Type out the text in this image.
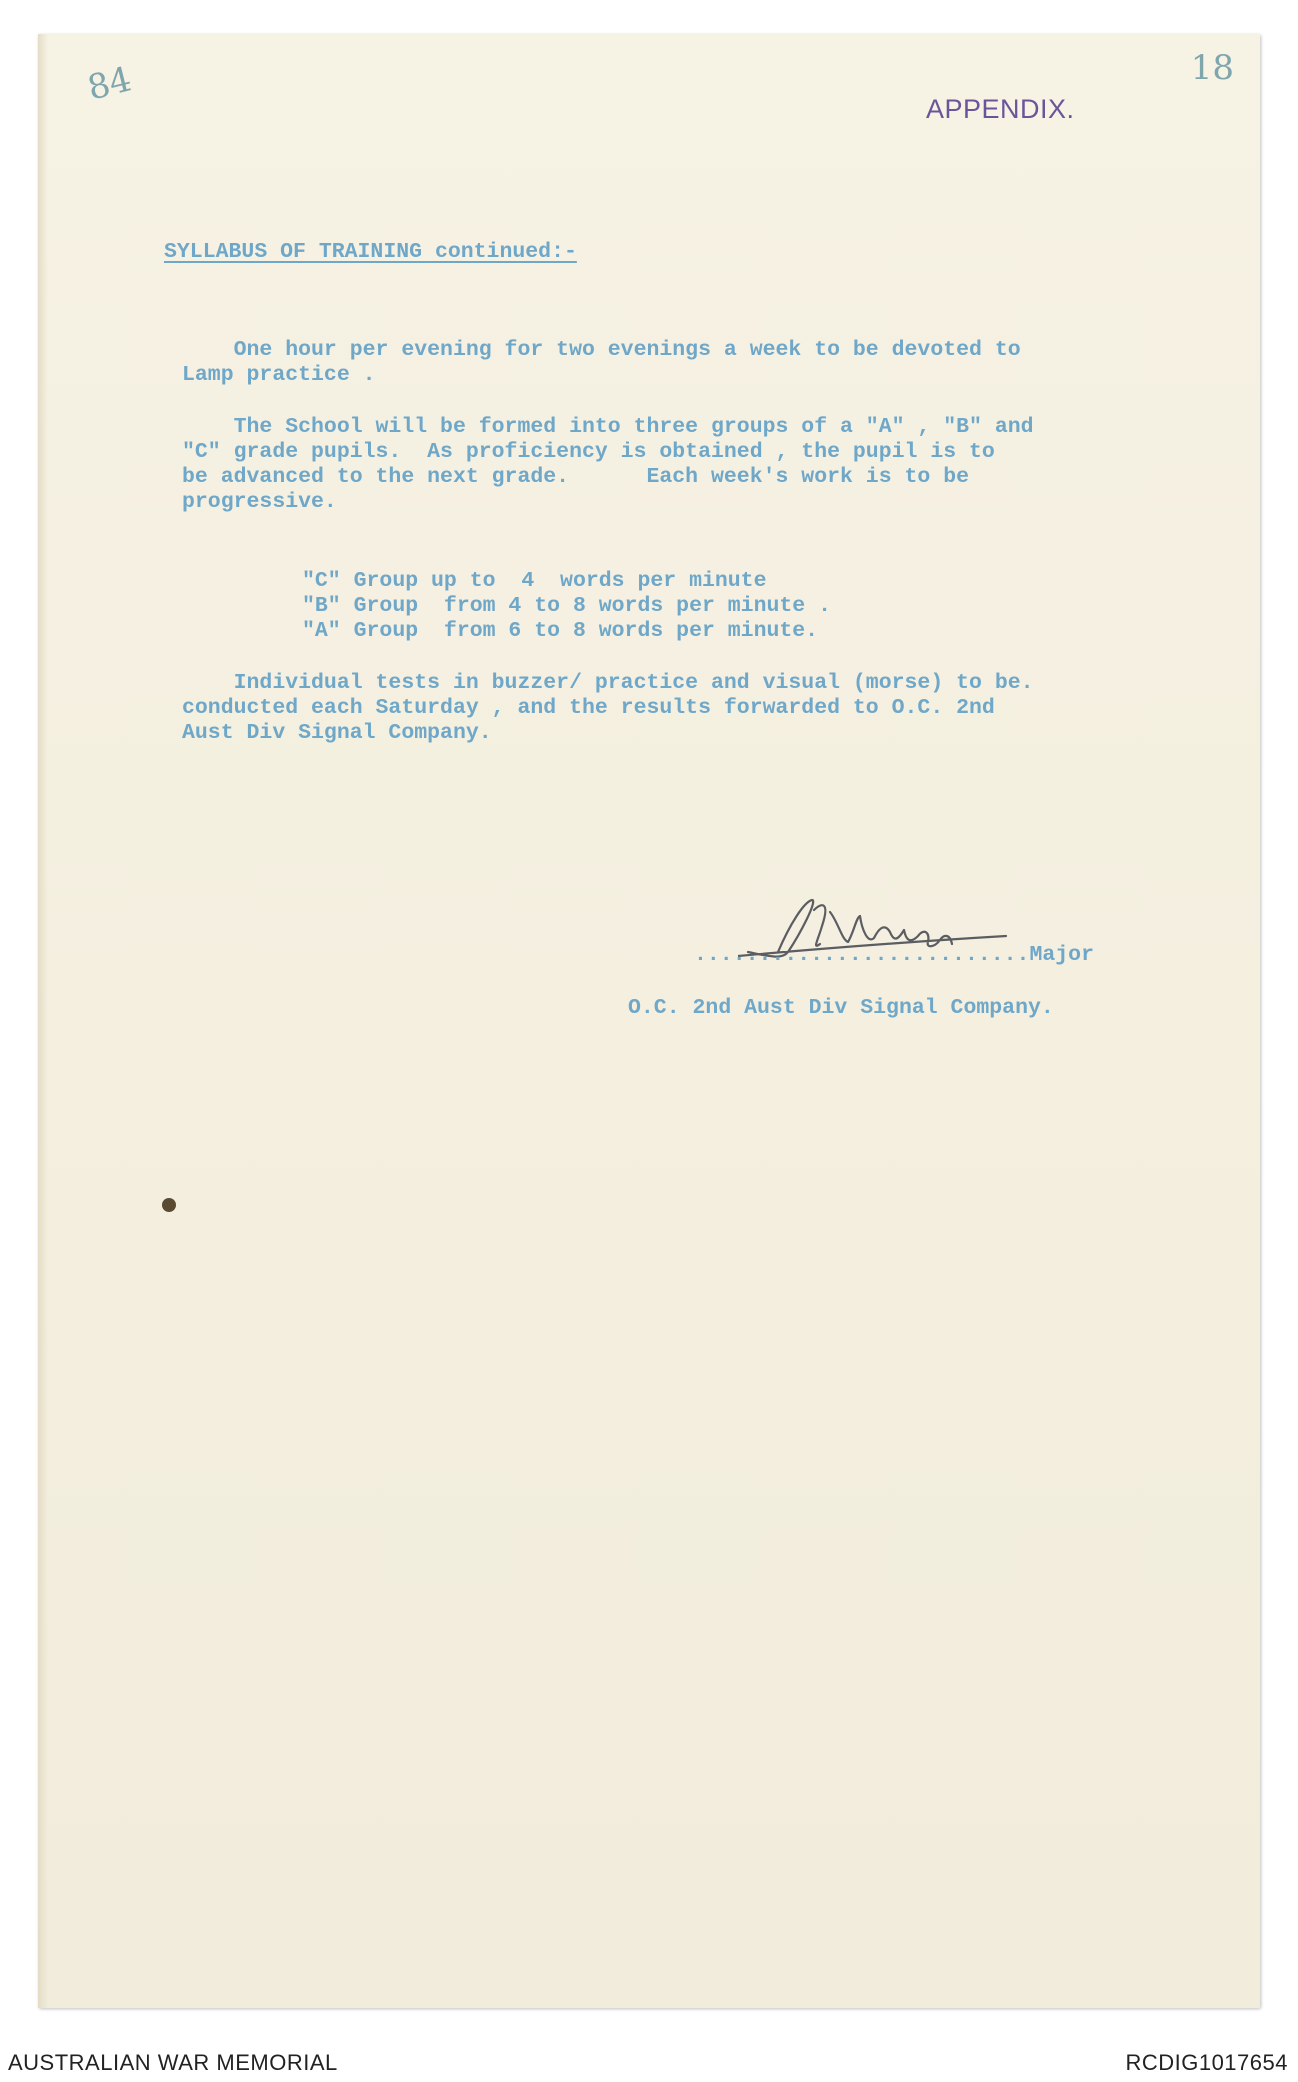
84	18
APPENDIX.
SYLLABUS OF TRAINING continued:-
One hour per evening for two evenings a week to be devoted to
Lamp practice .
The School will be formed into three groups of a "A" , "B" and
"C" grade pupils.  As proficiency is obtained , the pupil is to
be advanced to the next grade.      Each week's work is to be
progressive.
"C" Group up to  4  words per minute
"B" Group  from 4 to 8 words per minute .
"A" Group  from 6 to 8 words per minute.
Individual tests in buzzer/ practice and visual (morse) to be.
conducted each Saturday , and the results forwarded to O.C. 2nd
Aust Div Signal Company.
..........................Major
O.C. 2nd Aust Div Signal Company.
AUSTRALIAN WAR MEMORIAL	RCDIG1017654
